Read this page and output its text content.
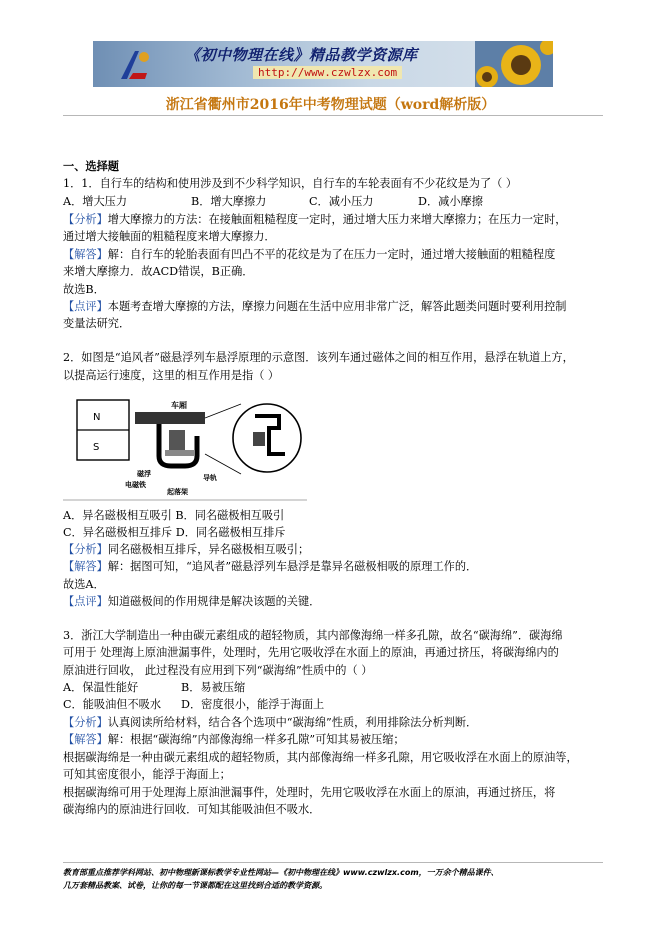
《初中物理在线》精品教学资源库
http://www.czwlzx.com
浙江省衢州市2016年中考物理试题（word解析版）
一、选择题
1．1．自行车的结构和使用涉及到不少科学知识，自行车的车轮表面有不少花纹是为了（ ）
A．增大压力	B．增大摩擦力	C．减小压力	D．减小摩擦
【分析】增大摩擦力的方法：在接触面粗糙程度一定时，通过增大压力来增大摩擦力；在压力一定时，
通过增大接触面的粗糙程度来增大摩擦力．
【解答】解：自行车的轮胎表面有凹凸不平的花纹是为了在压力一定时，通过增大接触面的粗糙程度
来增大摩擦力．故ACD错误，B正确．
故选B．
【点评】本题考查增大摩擦的方法，摩擦力问题在生活中应用非常广泛，解答此题类问题时要利用控制
变量法研究．
2．如图是“追风者”磁悬浮列车悬浮原理的示意图．该列车通过磁体之间的相互作用，悬浮在轨道上方，
以提高运行速度，这里的相互作用是指（ ）
N
S
车厢
磁浮
电磁铁
导轨
起落架
A．异名磁极相互吸引 B．同名磁极相互吸引
C．异名磁极相互排斥 D．同名磁极相互排斥
【分析】同名磁极相互排斥，异名磁极相互吸引；
【解答】解：据图可知，“追风者”磁悬浮列车悬浮是靠异名磁极相吸的原理工作的．
故选A．
【点评】知道磁极间的作用规律是解决该题的关键．
3．浙江大学制造出一种由碳元素组成的超轻物质，其内部像海绵一样多孔隙，故名“碳海绵”．碳海绵
可用于 处理海上原油泄漏事件，处理时，先用它吸收浮在水面上的原油，再通过挤压，将碳海绵内的
原油进行回收， 此过程没有应用到下列“碳海绵”性质中的（ ）
A．保温性能好	B．易被压缩
C．能吸油但不吸水 D．密度很小，能浮于海面上
【分析】认真阅读所给材料，结合各个选项中“碳海绵”性质，利用排除法分析判断．
【解答】解：根据“碳海绵”内部像海绵一样多孔隙”可知其易被压缩；
根据碳海绵是一种由碳元素组成的超轻物质，其内部像海绵一样多孔隙，用它吸收浮在水面上的原油等，
可知其密度很小，能浮于海面上；
根据碳海绵可用于处理海上原油泄漏事件，处理时，先用它吸收浮在水面上的原油，再通过挤压，将
碳海绵内的原油进行回收．可知其能吸油但不吸水．
教育部重点推荐学科网站、初中物理新课标教学专业性网站—《初中物理在线》www.czwlzx.com，一万余个精品课件、
几万套精品教案、试卷，让你的每一节课都配在这里找到合适的教学资源。
